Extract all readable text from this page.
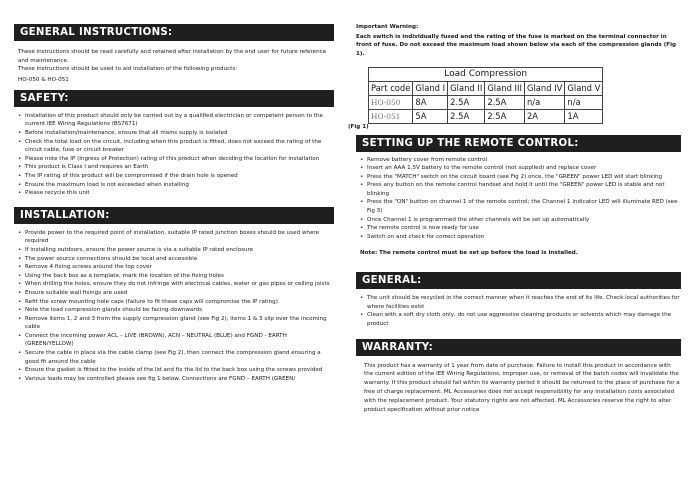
GENERAL INSTRUCTIONS:

These instructions should be read carefully and retained after installation by the end user for future reference and maintenance.

These instructions should be used to aid installation of the following products:

HO-050 & HO-051

SAFETY:
• Installation of this product should only be carried out by a qualified electrician or competent person to the current IEE Wiring Regulations (BS7671)
• Before installation/maintenance, ensure that all mains supply is isolated
• Check the total load on the circuit, including when this product is fitted, does not exceed the rating of the circuit cable, fuse or circuit breaker
• Please note the IP (Ingress of Protection) rating of this product when deciding the location for installation
• This product is Class I and requires an Earth
• The IP rating of this product will be compromised if the drain hole is opened
• Ensure the maximum load is not exceeded when installing
• Please recycle this unit
INSTALLATION:
• Provide power to the required point of installation, suitable IP rated junction boxes should be used where required
• If installing outdoors, ensure the power source is via a suitable IP rated enclosure
• The power source connections should be local and accessible
• Remove 4 fixing screws around the top cover
• Using the back box as a template, mark the location of the fixing holes
• When drilling the holes, ensure they do not infringe with electrical cables, water or gas pipes or ceiling joists
• Ensure suitable wall fixings are used
• Refit the screw mounting hole caps (failure to fit these caps will compromise the IP rating)
• Note the load compression glands should be facing downwards
• Remove items 1, 2 and 3 from the supply compression gland (see Fig 2), items 1 & 3 slip over the incoming cable
• Connect the incoming power ACL – LIVE (BROWN), ACN – NEUTRAL (BLUE) and FGND - EARTH (GREEN/YELLOW)
• Secure the cable in place via the cable clamp (see Fig 2), then connect the compression gland ensuring a good fit around the cable
• Ensure the gasket is fitted to the inside of the lid and fix the lid to the back box using the screws provided
• Various loads may be controlled please see fig 1 below. Connections are FGND – EARTH (GREEN/

Important Warning:

Each switch is individually fused and the rating of the fuse is marked on the terminal connector in front of fuse. Do not exceed the maximum load shown below via each of the compression glands (Fig 1).

Load Compression					
Part code	Gland I	Gland II	Gland III	Gland IV	Gland V
HO-050	8A	2.5A	2.5A	n/a	n/a
HO-051	5A	2.5A	2.5A	2A	1A

(Fig 1)

SETTING UP THE REMOTE CONTROL:
• Remove battery cover from remote control
• Insert an AAA 1.5V battery to the remote control (not supplied) and replace cover
• Press the "MATCH" switch on the circuit board (see Fig 2) once, the "GREEN" power LED will start blinking
• Press any button on the remote control handset and hold it until the "GREEN" power LED is stable and not blinking
• Press the "ON" button on channel 1 of the remote control; the Channel 1 indicator LED will illuminate RED (see Fig 3)
• Once Channel 1 is programmed the other channels will be set up automatically
• The remote control is now ready for use
• Switch on and check for correct operation

Note: The remote control must be set up before the load is installed.

GENERAL:
• The unit should be recycled in the correct manner when it reaches the end of its life. Check local authorities for where facilities exist
• Clean with a soft dry cloth only, do not use aggressive cleaning products or solvents which may damage the product
WARRANTY:

This product has a warranty of 1 year from date of purchase. Failure to install this product in accordance with the current edition of the IEE Wiring Regulations, improper use, or removal of the batch codes will invalidate the warranty. If this product should fail within its warranty period it should be returned to the place of purchase for a free of charge replacement. ML Accessories does not accept responsibility for any installation costs associated with the replacement product. Your statutory rights are not affected. ML Accessories reserve the right to alter product specification without prior notice
